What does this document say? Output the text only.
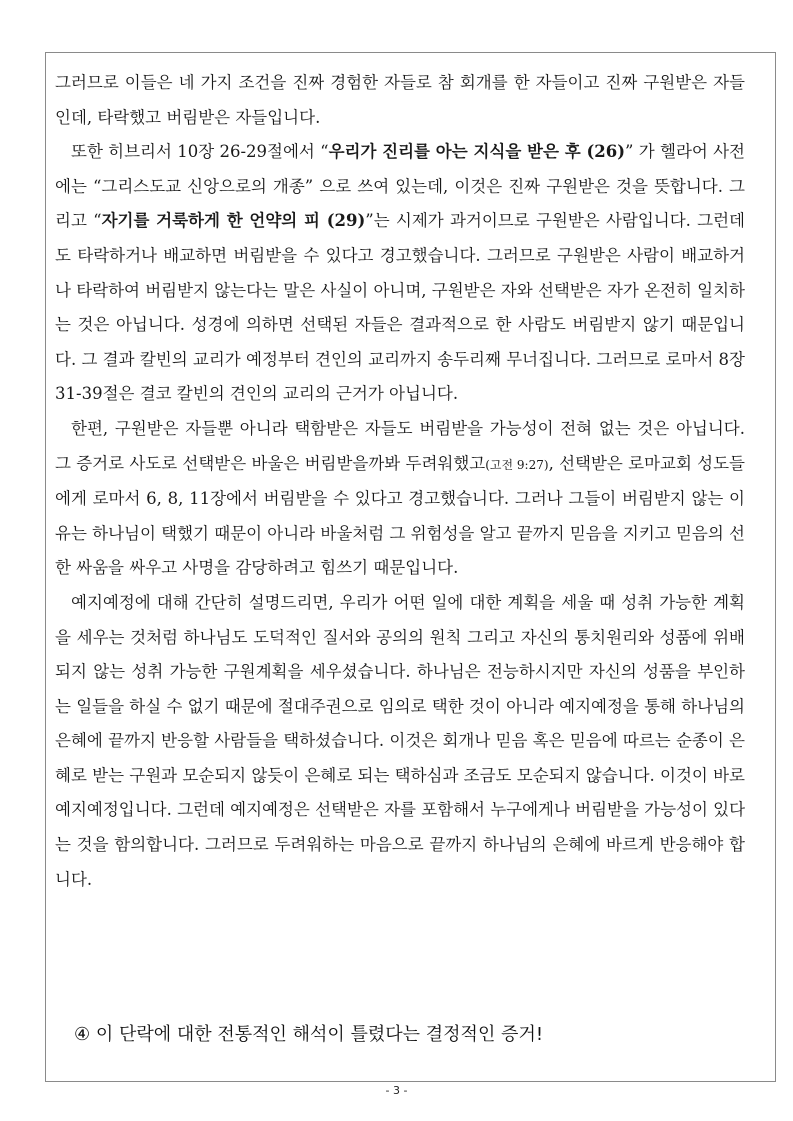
그러므로 이들은 네 가지 조건을 진짜 경험한 자들로 참 회개를 한 자들이고 진짜 구원받은 자들인데, 타락했고 버림받은 자들입니다.

또한 히브리서 10장 26-29절에서 “우리가 진리를 아는 지식을 받은 후 (26)” 가 헬라어 사전에는 “그리스도교 신앙으로의 개종” 으로 쓰여 있는데, 이것은 진짜 구원받은 것을 뜻합니다. 그리고 “자기를 거룩하게 한 언약의 피 (29)”는 시제가 과거이므로 구원받은 사람입니다. 그런데도 타락하거나 배교하면 버림받을 수 있다고 경고했습니다. 그러므로 구원받은 사람이 배교하거나 타락하여 버림받지 않는다는 말은 사실이 아니며, 구원받은 자와 선택받은 자가 온전히 일치하는 것은 아닙니다. 성경에 의하면 선택된 자들은 결과적으로 한 사람도 버림받지 않기 때문입니다. 그 결과 칼빈의 교리가 예정부터 견인의 교리까지 송두리째 무너집니다. 그러므로 로마서 8장 31-39절은 결코 칼빈의 견인의 교리의 근거가 아닙니다.

한편, 구원받은 자들뿐 아니라 택함받은 자들도 버림받을 가능성이 전혀 없는 것은 아닙니다. 그 증거로 사도로 선택받은 바울은 버림받을까봐 두려워했고(고전 9:27), 선택받은 로마교회 성도들에게 로마서 6, 8, 11장에서 버림받을 수 있다고 경고했습니다. 그러나 그들이 버림받지 않는 이유는 하나님이 택했기 때문이 아니라 바울처럼 그 위험성을 알고 끝까지 믿음을 지키고 믿음의 선한 싸움을 싸우고 사명을 감당하려고 힘쓰기 때문입니다.

예지예정에 대해 간단히 설명드리면, 우리가 어떤 일에 대한 계획을 세울 때 성취 가능한 계획을 세우는 것처럼 하나님도 도덕적인 질서와 공의의 원칙 그리고 자신의 통치원리와 성품에 위배되지 않는 성취 가능한 구원계획을 세우셨습니다. 하나님은 전능하시지만 자신의 성품을 부인하는 일들을 하실 수 없기 때문에 절대주권으로 임의로 택한 것이 아니라 예지예정을 통해 하나님의 은혜에 끝까지 반응할 사람들을 택하셨습니다. 이것은 회개나 믿음 혹은 믿음에 따르는 순종이 은혜로 받는 구원과 모순되지 않듯이 은혜로 되는 택하심과 조금도 모순되지 않습니다. 이것이 바로 예지예정입니다. 그런데 예지예정은 선택받은 자를 포함해서 누구에게나 버림받을 가능성이 있다는 것을 함의합니다. 그러므로 두려워하는 마음으로 끝까지 하나님의 은혜에 바르게 반응해야 합니다.

④ 이 단락에 대한 전통적인 해석이 틀렸다는 결정적인 증거!
- 3 -
